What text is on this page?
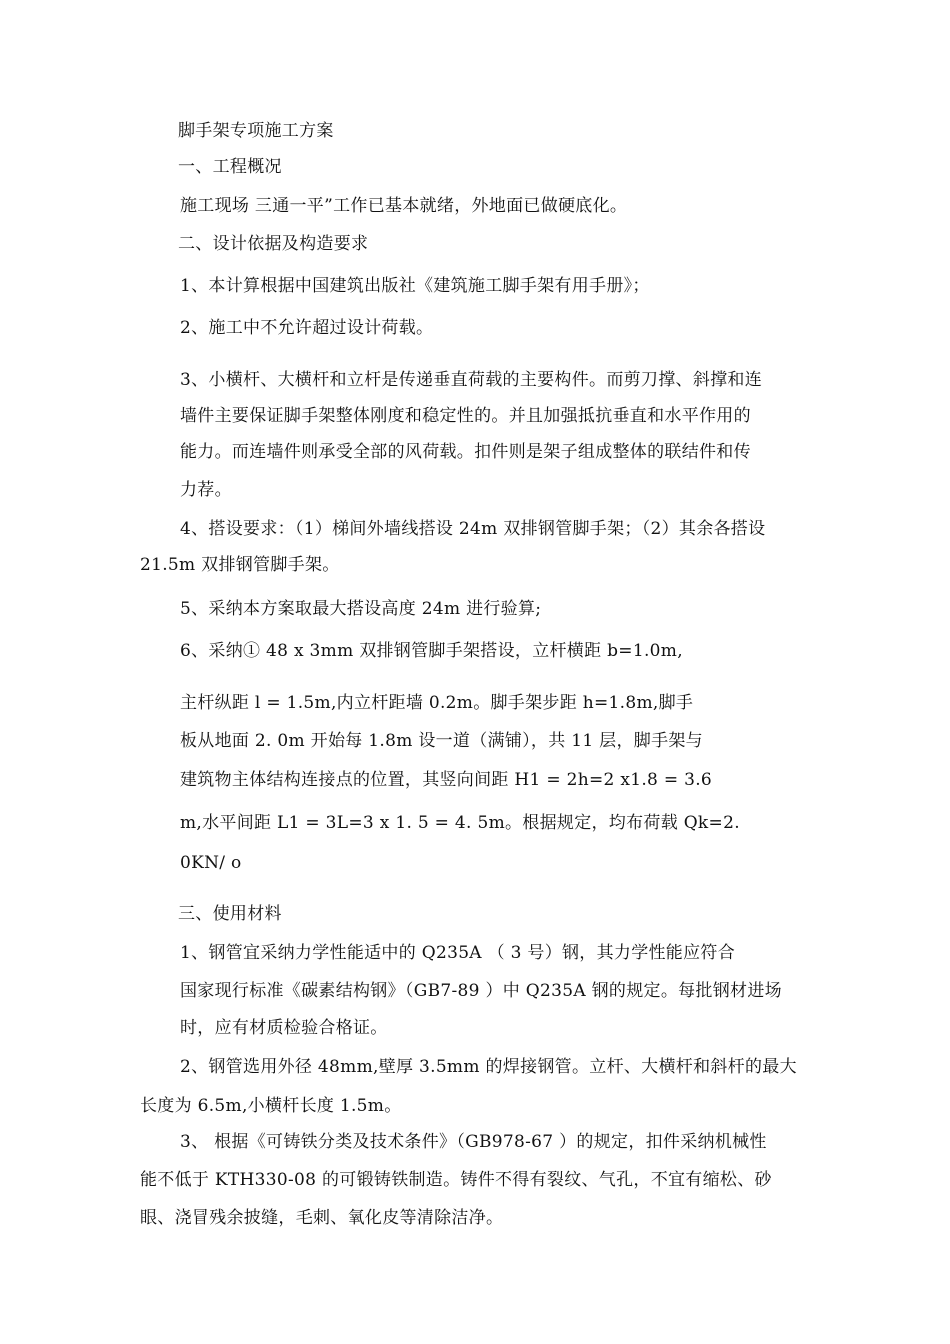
脚手架专项施工方案
一、工程概况
施工现场 三通一平”工作已基本就绪，外地面已做硬底化。
二、设计依据及构造要求
1、本计算根据中国建筑出版社《建筑施工脚手架有用手册》；
2、施工中不允许超过设计荷载。
3、小横杆、大横杆和立杆是传递垂直荷载的主要构件。而剪刀撑、斜撑和连
墙件主要保证脚手架整体刚度和稳定性的。并且加强抵抗垂直和水平作用的
能力。而连墙件则承受全部的风荷载。扣件则是架子组成整体的联结件和传
力荐。
4、搭设要求：（1）梯间外墙线搭设 24m 双排钢管脚手架；（2）其余各搭设
21.5m 双排钢管脚手架。
5、采纳本方案取最大搭设高度 24m 进行验算;
6、采纳① 48 x 3mm 双排钢管脚手架搭设，立杆横距 b=1.0m,
主杆纵距 l = 1.5m,内立杆距墙 0.2m。脚手架步距 h=1.8m,脚手
板从地面 2. 0m 开始每 1.8m 设一道（满铺），共 11 层，脚手架与
建筑物主体结构连接点的位置，其竖向间距 H1 = 2h=2 x1.8 = 3.6
m,水平间距 L1 = 3L=3 x 1. 5 = 4. 5m。根据规定，均布荷载 Qk=2.
0KN/ o
三、使用材料
1、钢管宜采纳力学性能适中的 Q235A （ 3 号）钢，其力学性能应符合
国家现行标准《碳素结构钢》（GB7-89 ）中 Q235A 钢的规定。每批钢材进场
时，应有材质检验合格证。
2、钢管选用外径 48mm,壁厚 3.5mm 的焊接钢管。立杆、大横杆和斜杆的最大
长度为 6.5m,小横杆长度 1.5m。
3、 根据《可铸铁分类及技术条件》（GB978-67 ）的规定，扣件采纳机械性
能不低于 KTH330-08 的可锻铸铁制造。铸件不得有裂纹、气孔，不宜有缩松、砂
眼、浇冒残余披缝，毛刺、氧化皮等清除洁净。
